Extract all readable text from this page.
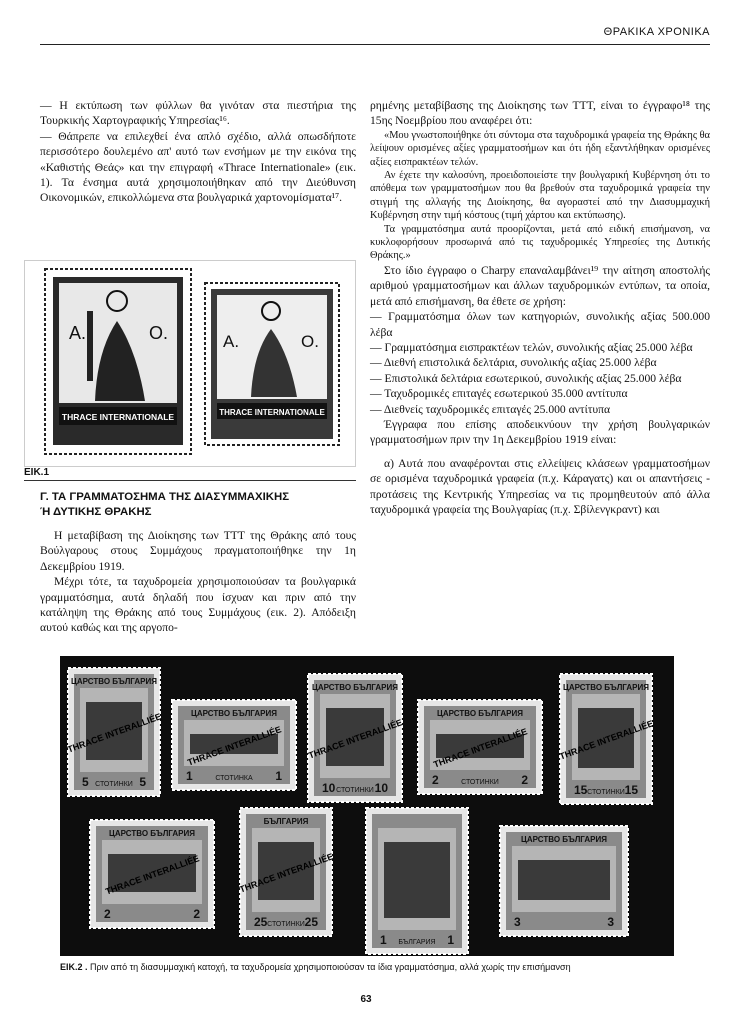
ΘΡΑΚΙΚΑ ΧΡΟΝΙΚΑ

— Η εκτύπωση των φύλλων θα γινόταν στα πιεστήρια της Τουρκικής Χαρτογραφικής Υπηρεσίας¹⁶.

— Θάπρεπε να επιλεχθεί ένα απλό σχέδιο, αλλά οπωσδήποτε περισσότερο δουλεμένο απ' αυτό των ενσήμων με την εικόνα της «Καθιστής Θεάς» και την επιγραφή «Thrace Internationale» (εικ. 1). Τα ένσημα αυτά χρησιμοποιήθηκαν από την Διεύθυνση Οικονομικών, επικολλώμενα στα βουλγαρικά χαρτονομίσματα¹⁷.

A.	O.
THRACE INTERNATIONALE
A.	O.
THRACE INTERNATIONALE
ΕΙΚ.1
Γ. ΤΑ ΓΡΑΜΜΑΤΟΣΗΜΑ ΤΗΣ ΔΙΑΣΥΜΜΑΧΙΚΗΣ
Ή ΔΥΤΙΚΗΣ ΘΡΑΚΗΣ

Η μεταβίβαση της Διοίκησης των ΤΤΤ της Θράκης από τους Βούλγαρους στους Συμμάχους πραγματοποιήθηκε την 1η Δεκεμβρίου 1919.

Μέχρι τότε, τα ταχυδρομεία χρησιμοποιούσαν τα βουλγαρικά γραμματόσημα, αυτά δηλαδή που ίσχυαν και πριν από την κατάληψη της Θράκης από τους Συμμάχους (εικ. 2). Απόδειξη αυτού καθώς και της αργοπο-

ρημένης μεταβίβασης της Διοίκησης των ΤΤΤ, είναι το έγγραφο¹⁸ της 15ης Νοεμβρίου που αναφέρει ότι:

«Μου γνωστοποιήθηκε ότι σύντομα στα ταχυδρομικά γραφεία της Θράκης θα λείψουν ορισμένες αξίες γραμματοσήμων και ότι ήδη εξαντλήθηκαν ορισμένες αξίες εισπρακτέων τελών.

Αν έχετε την καλοσύνη, προειδοποιείστε την βουλγαρική Κυβέρνηση ότι το απόθεμα των γραμματοσήμων που θα βρεθούν στα ταχυδρομικά γραφεία την στιγμή της αλλαγής της Διοίκησης, θα αγοραστεί από την Διασυμμαχική Κυβέρνηση στην τιμή κόστους (τιμή χάρτου και εκτύπωσης).

Τα γραμματόσημα αυτά προορίζονται, μετά από ειδική επισήμανση, να κυκλοφορήσουν προσωρινά από τις ταχυδρομικές Υπηρεσίες της Δυτικής Θράκης.»

Στο ίδιο έγγραφο ο Charpy επαναλαμβάνει¹⁹ την αίτηση αποστολής αριθμού γραμματοσήμων και άλλων ταχυδρομικών εντύπων, τα οποία, μετά από επισήμανση, θα έθετε σε χρήση:

— Γραμματόσημα όλων των κατηγοριών, συνολικής αξίας 500.000 λέβα

— Γραμματόσημα εισπρακτέων τελών, συνολικής αξίας 25.000 λέβα

— Διεθνή επιστολικά δελτάρια, συνολικής αξίας 25.000 λέβα

— Επιστολικά δελτάρια εσωτερικού, συνολικής αξίας 25.000 λέβα

— Ταχυδρομικές επιταγές εσωτερικού 35.000 αντίτυπα

— Διεθνείς ταχυδρομικές επιταγές 25.000 αντίτυπα

Έγγραφα που επίσης αποδεικνύουν την χρήση βουλγαρικών γραμματοσήμων πριν την 1η Δεκεμβρίου 1919 είναι:

α) Αυτά που αναφέρονται στις ελλείψεις κλάσεων γραμματοσήμων σε ορισμένα ταχυδρομικά γραφεία (π.χ. Κάραγατς) και οι απαντήσεις - προτάσεις της Κεντρικής Υπηρεσίας να τις προμηθευτούν από άλλα ταχυδρομικά γραφεία της Βουλγαρίας (π.χ. Σβίλενγκραντ) και

ЦАРСТВО БЪЛГАРИЯ
5	5
СТОТИНКИ
THRACE INTERALLIÉE	ЦАРСТВО БЪЛГАРИЯ
1	1
СТОТИНКА
THRACE INTERALLIÉE
ЦАРСТВО БЪЛГАРИЯ
10	10
СТОТИНКИ
THRACE INTERALLIÉE
ЦАРСТВО БЪЛГАРИЯ
2	2
СТОТИНКИ
THRACE INTERALLIÉE
ЦАРСТВО БЪЛГАРИЯ
15	15
СТОТИНКИ
THRACE INTERALLIÉE
ЦАРСТВО БЪЛГАРИЯ
2	2
THRACE INTERALLIÉE
БЪЛГАРИЯ
25	25
СТОТИНКИ
THRACE INTERALLIÉE
1	1
БЪЛГАРИЯ
ЦАРСТВО БЪЛГАРИЯ
3	3
ΕΙΚ.2 . Πριν από τη διασυμμαχική κατοχή, τα ταχυδρομεία χρησιμοποιούσαν τα ίδια γραμματόσημα, αλλά χωρίς την επισήμανση
63
